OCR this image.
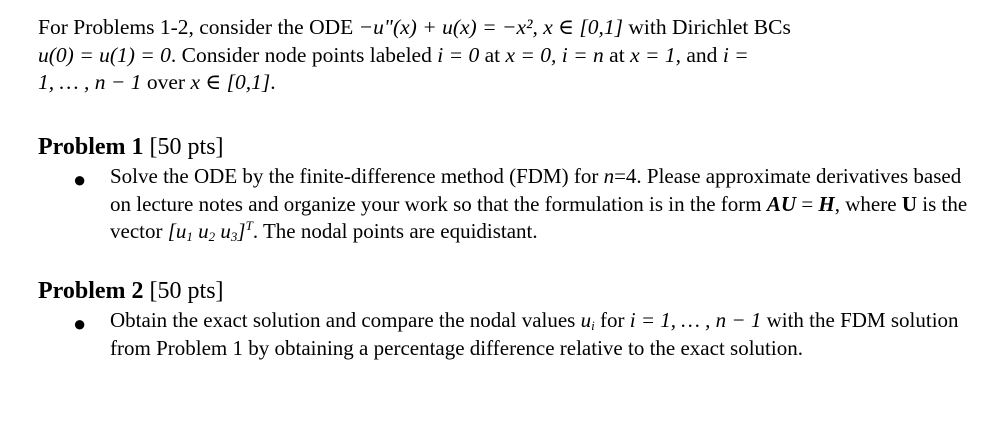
For Problems 1-2, consider the ODE −u"(x) + u(x) = −x², x ∈ [0,1] with Dirichlet BCs
u(0) = u(1) = 0. Consider node points labeled i = 0 at x = 0, i = n at x = 1, and i =
1, … , n − 1 over x ∈ [0,1].
Problem 1 [50 pts]
● Solve the ODE by the finite-difference method (FDM) for n=4. Please approximate derivatives based on lecture notes and organize your work so that the formulation is in the form AU = H, where U is the vector [$u_1$ $u_2$ $u_3]^T$. The nodal points are equidistant.
Problem 2 [50 pts]
● Obtain the exact solution and compare the nodal values $u_i$ for i = 1, … , n − 1 with the FDM solution from Problem 1 by obtaining a percentage difference relative to the exact solution.
